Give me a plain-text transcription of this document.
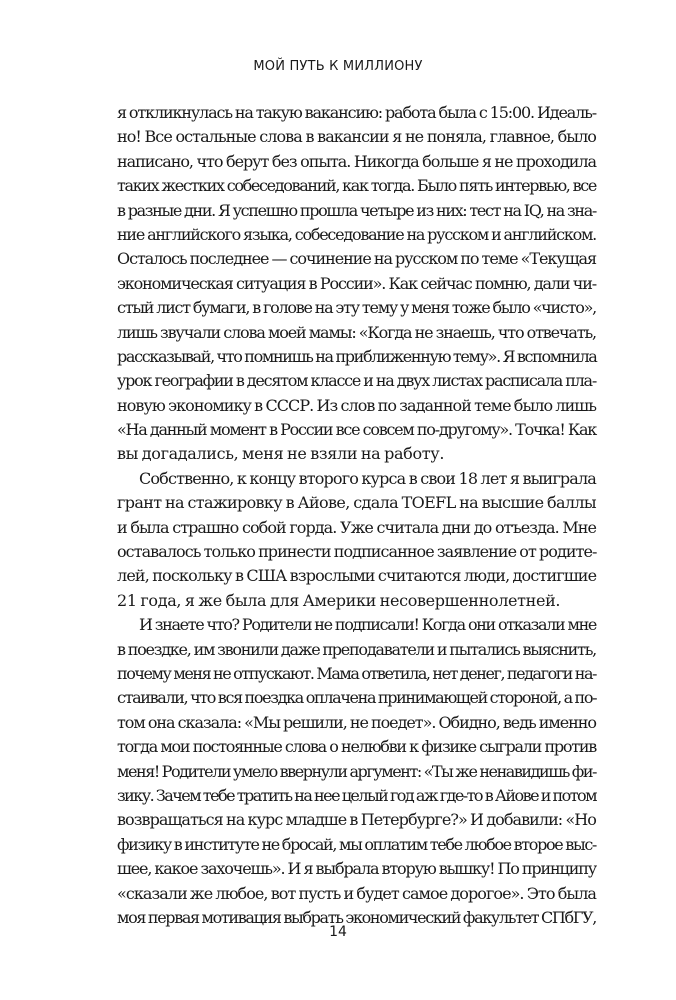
МОЙ ПУТЬ К МИЛЛИОНУ
я откликнулась на такую вакансию: работа была с 15:00. Идеаль-
но! Все остальные слова в вакансии я не поняла, главное, было
написано, что берут без опыта. Никогда больше я не проходила
таких жестких собеседований, как тогда. Было пять интервью, все
в разные дни. Я успешно прошла четыре из них: тест на IQ, на зна-
ние английского языка, собеседование на русском и английском.
Осталось последнее — сочинение на русском по теме «Текущая
экономическая ситуация в России». Как сейчас помню, дали чи-
стый лист бумаги, в голове на эту тему у меня тоже было «чисто»,
лишь звучали слова моей мамы: «Когда не знаешь, что отвечать,
рассказывай, что помнишь на приближенную тему». Я вспомнила
урок географии в десятом классе и на двух листах расписала пла-
новую экономику в СССР. Из слов по заданной теме было лишь
«На данный момент в России все совсем по-другому». Точка! Как
вы догадались, меня не взяли на работу.
Собственно, к концу второго курса в свои 18 лет я выиграла
грант на стажировку в Айове, сдала TOEFL на высшие баллы
и была страшно собой горда. Уже считала дни до отъезда. Мне
оставалось только принести подписанное заявление от родите-
лей, поскольку в США взрослыми считаются люди, достигшие
21 года, я же была для Америки несовершеннолетней.
И знаете что? Родители не подписали! Когда они отказали мне
в поездке, им звонили даже преподаватели и пытались выяснить,
почему меня не отпускают. Мама ответила, нет денег, педагоги на-
стаивали, что вся поездка оплачена принимающей стороной, а по-
том она сказала: «Мы решили, не поедет». Обидно, ведь именно
тогда мои постоянные слова о нелюбви к физике сыграли против
меня! Родители умело ввернули аргумент: «Ты же ненавидишь фи-
зику. Зачем тебе тратить на нее целый год аж где-то в Айове и потом
возвращаться на курс младше в Петербурге?» И добавили: «Но
физику в институте не бросай, мы оплатим тебе любое второе выс-
шее, какое захочешь». И я выбрала вторую вышку! По принципу
«сказали же любое, вот пусть и будет самое дорогое». Это была
моя первая мотивация выбрать экономический факультет СПбГУ,
14
